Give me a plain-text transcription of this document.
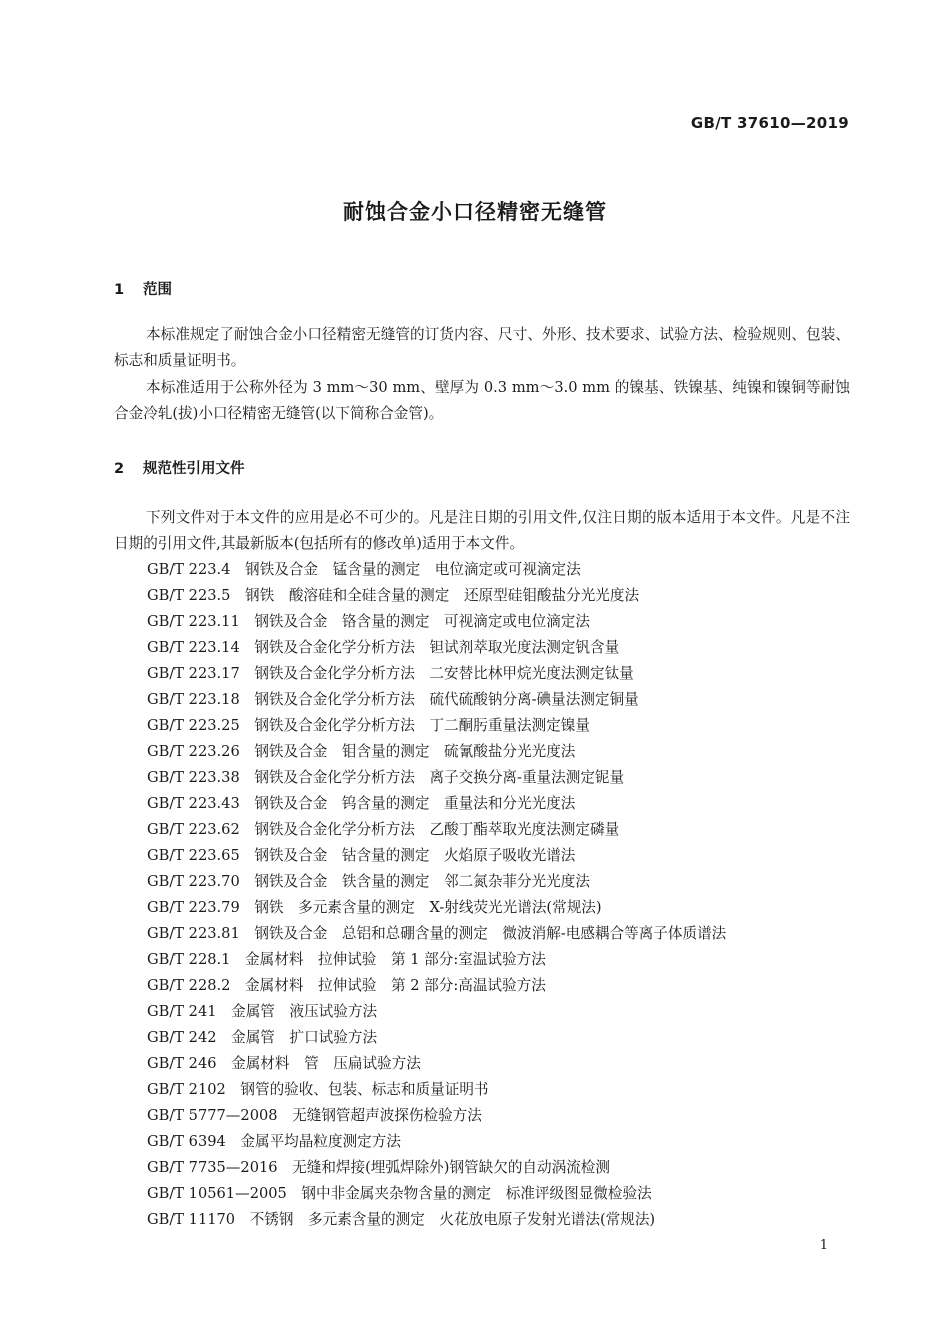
GB/T 37610—2019
耐蚀合金小口径精密无缝管
1 范围

本标准规定了耐蚀合金小口径精密无缝管的订货内容、尺寸、外形、技术要求、试验方法、检验规则、包装、标志和质量证明书。

本标准适用于公称外径为 3 mm～30 mm、壁厚为 0.3 mm～3.0 mm 的镍基、铁镍基、纯镍和镍铜等耐蚀合金冷轧(拔)小口径精密无缝管(以下简称合金管)。

2 规范性引用文件

下列文件对于本文件的应用是必不可少的。凡是注日期的引用文件,仅注日期的版本适用于本文件。凡是不注日期的引用文件,其最新版本(包括所有的修改单)适用于本文件。

GB/T 223.4　钢铁及合金　锰含量的测定　电位滴定或可视滴定法
GB/T 223.5　钢铁　酸溶硅和全硅含量的测定　还原型硅钼酸盐分光光度法
GB/T 223.11　钢铁及合金　铬含量的测定　可视滴定或电位滴定法
GB/T 223.14　钢铁及合金化学分析方法　钽试剂萃取光度法测定钒含量
GB/T 223.17　钢铁及合金化学分析方法　二安替比林甲烷光度法测定钛量
GB/T 223.18　钢铁及合金化学分析方法　硫代硫酸钠分离-碘量法测定铜量
GB/T 223.25　钢铁及合金化学分析方法　丁二酮肟重量法测定镍量
GB/T 223.26　钢铁及合金　钼含量的测定　硫氰酸盐分光光度法
GB/T 223.38　钢铁及合金化学分析方法　离子交换分离-重量法测定铌量
GB/T 223.43　钢铁及合金　钨含量的测定　重量法和分光光度法
GB/T 223.62　钢铁及合金化学分析方法　乙酸丁酯萃取光度法测定磷量
GB/T 223.65　钢铁及合金　钴含量的测定　火焰原子吸收光谱法
GB/T 223.70　钢铁及合金　铁含量的测定　邻二氮杂菲分光光度法
GB/T 223.79　钢铁　多元素含量的测定　X-射线荧光光谱法(常规法)
GB/T 223.81　钢铁及合金　总铝和总硼含量的测定　微波消解-电感耦合等离子体质谱法
GB/T 228.1　金属材料　拉伸试验　第 1 部分:室温试验方法
GB/T 228.2　金属材料　拉伸试验　第 2 部分:高温试验方法
GB/T 241　金属管　液压试验方法
GB/T 242　金属管　扩口试验方法
GB/T 246　金属材料　管　压扁试验方法
GB/T 2102　钢管的验收、包装、标志和质量证明书
GB/T 5777—2008　无缝钢管超声波探伤检验方法
GB/T 6394　金属平均晶粒度测定方法
GB/T 7735—2016　无缝和焊接(埋弧焊除外)钢管缺欠的自动涡流检测
GB/T 10561—2005　钢中非金属夹杂物含量的测定　标准评级图显微检验法
GB/T 11170　不锈钢　多元素含量的测定　火花放电原子发射光谱法(常规法)
1
